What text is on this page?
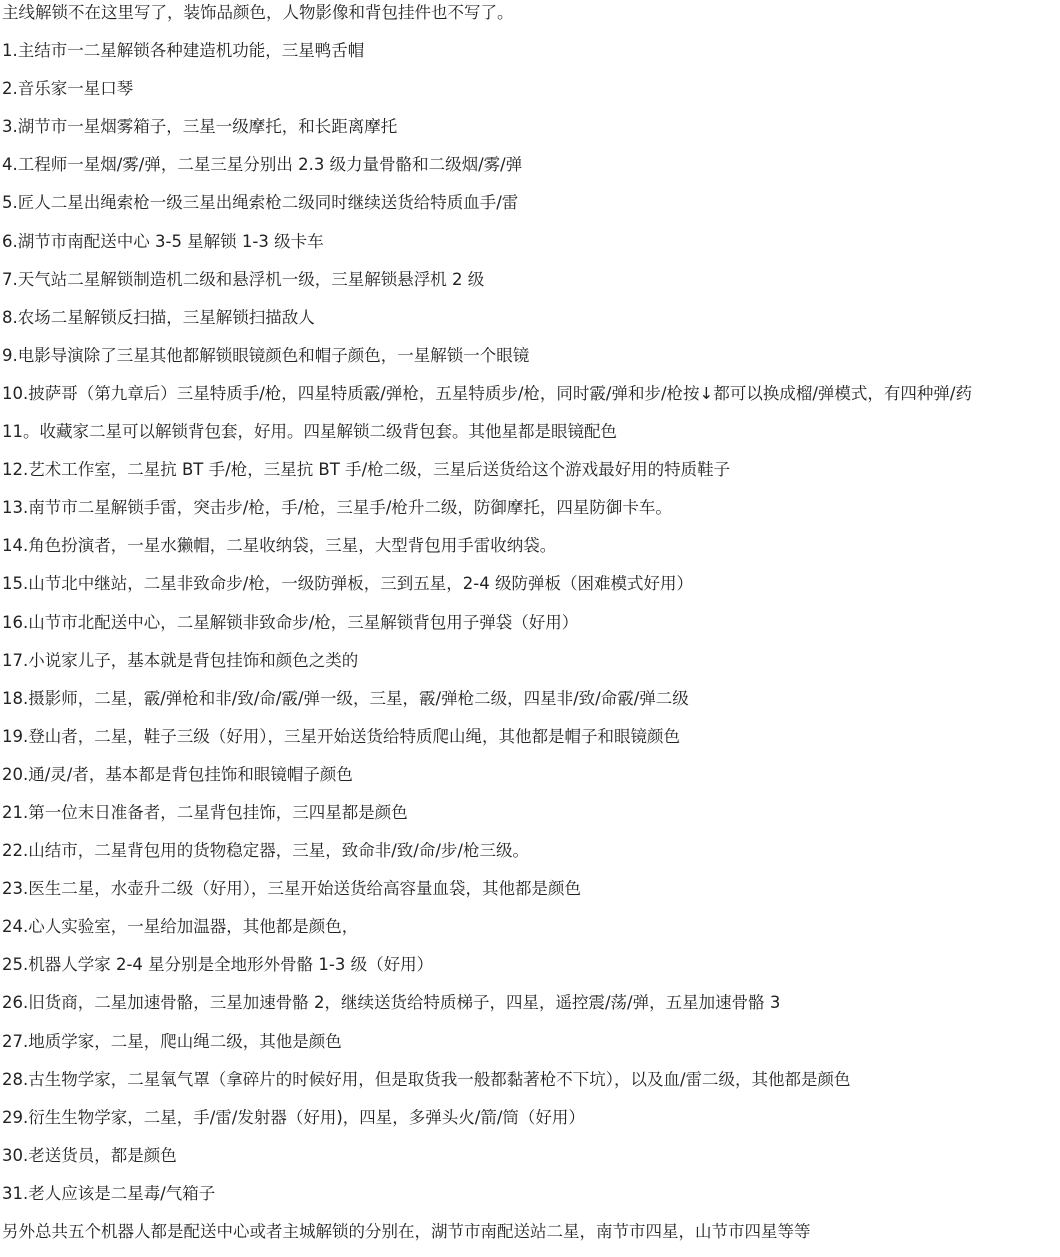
主线解锁不在这里写了，装饰品颜色，人物影像和背包挂件也不写了。
1.主结市一二星解锁各种建造机功能，三星鸭舌帽
2.音乐家一星口琴
3.湖节市一星烟雾箱子，三星一级摩托，和长距离摩托
4.工程师一星烟/雾/弹，二星三星分别出 2.3 级力量骨骼和二级烟/雾/弹
5.匠人二星出绳索枪一级三星出绳索枪二级同时继续送货给特质血手/雷
6.湖节市南配送中心 3-5 星解锁 1-3 级卡车
7.天气站二星解锁制造机二级和悬浮机一级，三星解锁悬浮机 2 级
8.农场二星解锁反扫描，三星解锁扫描敌人
9.电影导演除了三星其他都解锁眼镜颜色和帽子颜色，一星解锁一个眼镜
10.披萨哥（第九章后）三星特质手/枪，四星特质霰/弹枪，五星特质步/枪，同时霰/弹和步/枪按↓都可以换成榴/弹模式，有四种弹/药
11。收藏家二星可以解锁背包套，好用。四星解锁二级背包套。其他星都是眼镜配色
12.艺术工作室，二星抗 BT 手/枪，三星抗 BT 手/枪二级，三星后送货给这个游戏最好用的特质鞋子
13.南节市二星解锁手雷，突击步/枪，手/枪，三星手/枪升二级，防御摩托，四星防御卡车。
14.角色扮演者，一星水獭帽，二星收纳袋，三星，大型背包用手雷收纳袋。
15.山节北中继站，二星非致命步/枪，一级防弹板，三到五星，2-4 级防弹板（困难模式好用）
16.山节市北配送中心，二星解锁非致命步/枪，三星解锁背包用子弹袋（好用）
17.小说家儿子，基本就是背包挂饰和颜色之类的
18.摄影师，二星，霰/弹枪和非/致/命/霰/弹一级，三星，霰/弹枪二级，四星非/致/命霰/弹二级
19.登山者，二星，鞋子三级（好用），三星开始送货给特质爬山绳，其他都是帽子和眼镜颜色
20.通/灵/者，基本都是背包挂饰和眼镜帽子颜色
21.第一位末日准备者，二星背包挂饰，三四星都是颜色
22.山结市，二星背包用的货物稳定器，三星，致命非/致/命/步/枪三级。
23.医生二星，水壶升二级（好用），三星开始送货给高容量血袋，其他都是颜色
24.心人实验室，一星给加温器，其他都是颜色，
25.机器人学家 2-4 星分别是全地形外骨骼 1-3 级（好用）
26.旧货商，二星加速骨骼，三星加速骨骼 2，继续送货给特质梯子，四星，遥控震/荡/弹，五星加速骨骼 3
27.地质学家，二星，爬山绳二级，其他是颜色
28.古生物学家，二星氧气罩（拿碎片的时候好用，但是取货我一般都黏著枪不下坑），以及血/雷二级，其他都是颜色
29.衍生生物学家，二星，手/雷/发射器（好用)，四星，多弹头火/箭/筒（好用）
30.老送货员，都是颜色
31.老人应该是二星毒/气箱子
另外总共五个机器人都是配送中心或者主城解锁的分别在，湖节市南配送站二星，南节市四星，山节市四星等等
